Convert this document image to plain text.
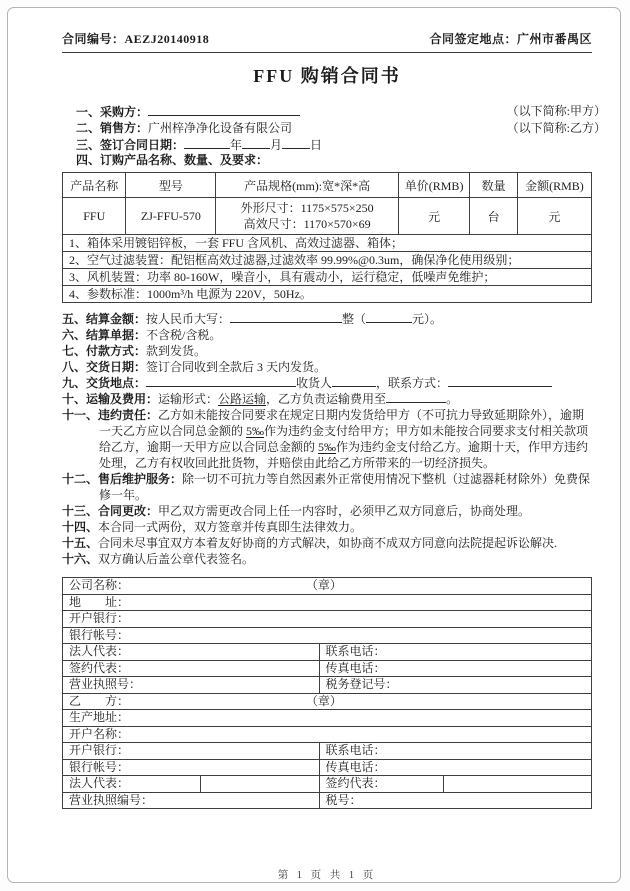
合同编号：AEZJ20140918	合同签定地点：广州市番禺区
FFU 购销合同书
一、采购方：	（以下简称:甲方）
二、销售方：广州梓净净化设备有限公司	（以下简称:乙方）
三、签订合同日期：	年 月 日
四、订购产品名称、数量、及要求：
产品名称	型号	产品规格(mm):宽*深*高	单价(RMB)	数量	金额(RMB)
FFU	ZJ-FFU-570	外形尺寸：1175×575×250
高效尺寸：1170×570×69	元	台	元
1、箱体采用镀铝锌板，一套 FFU 含风机、高效过滤器、箱体；					
2、空气过滤装置：配铝框高效过滤器,过滤效率 99.99%@0.3um，确保净化使用级别；					
3、风机装置：功率 80-160W，噪音小，具有震动小，运行稳定，低噪声免维护；					
4、参数标准：1000m³/h 电源为 220V，50Hz。					
五、结算金额：按人民币大写：	整（	元）。
六、结算单据：不含税/含税。
七、付款方式：款到发货。
八、交货日期：签订合同收到全款后 3 天内发货。
九、交货地点：	收货人	，联系方式：
十、运输及费用：运输形式：公路运输，乙方负责运输费用至	。
十一、违约责任：乙方如未能按合同要求在规定日期内发货给甲方（不可抗力导致延期除外），逾期一天乙方应以合同总金额的 5‰作为违约金支付给甲方；甲方如未能按合同要求支付相关款项给乙方，逾期一天甲方应以合同总金额的 5‰作为违约金支付给乙方。逾期十天，作甲方违约处理，乙方有权收回此批货物，并赔偿由此给乙方所带来的一切经济损失。
十二、售后维护服务：除一切不可抗力等自然因素外正常使用情况下整机（过滤器耗材除外）免费保修一年。
十三、合同更改：甲乙双方需更改合同上任一内容时，必须甲乙双方同意后，协商处理。
十四、本合同一式两份，双方签章并传真即生法律效力。
十五、合同未尽事宜双方本着友好协商的方式解决，如协商不成双方同意向法院提起诉讼解决.
十六、双方确认后盖公章代表签名。
公司名称： （章）			

地　　址：			
开户银行：			
银行帐号：			
法人代表：		联系电话：	
签约代表：		传真电话：	
营业执照号：		税务登记号：	
乙　　方： （章）			

生产地址：			
开户名称：			
开户银行：		联系电话：	
银行帐号：		传真电话：	
法人代表：		签约代表：	
营业执照编号：		税号：	
第 1 页 共 1 页
